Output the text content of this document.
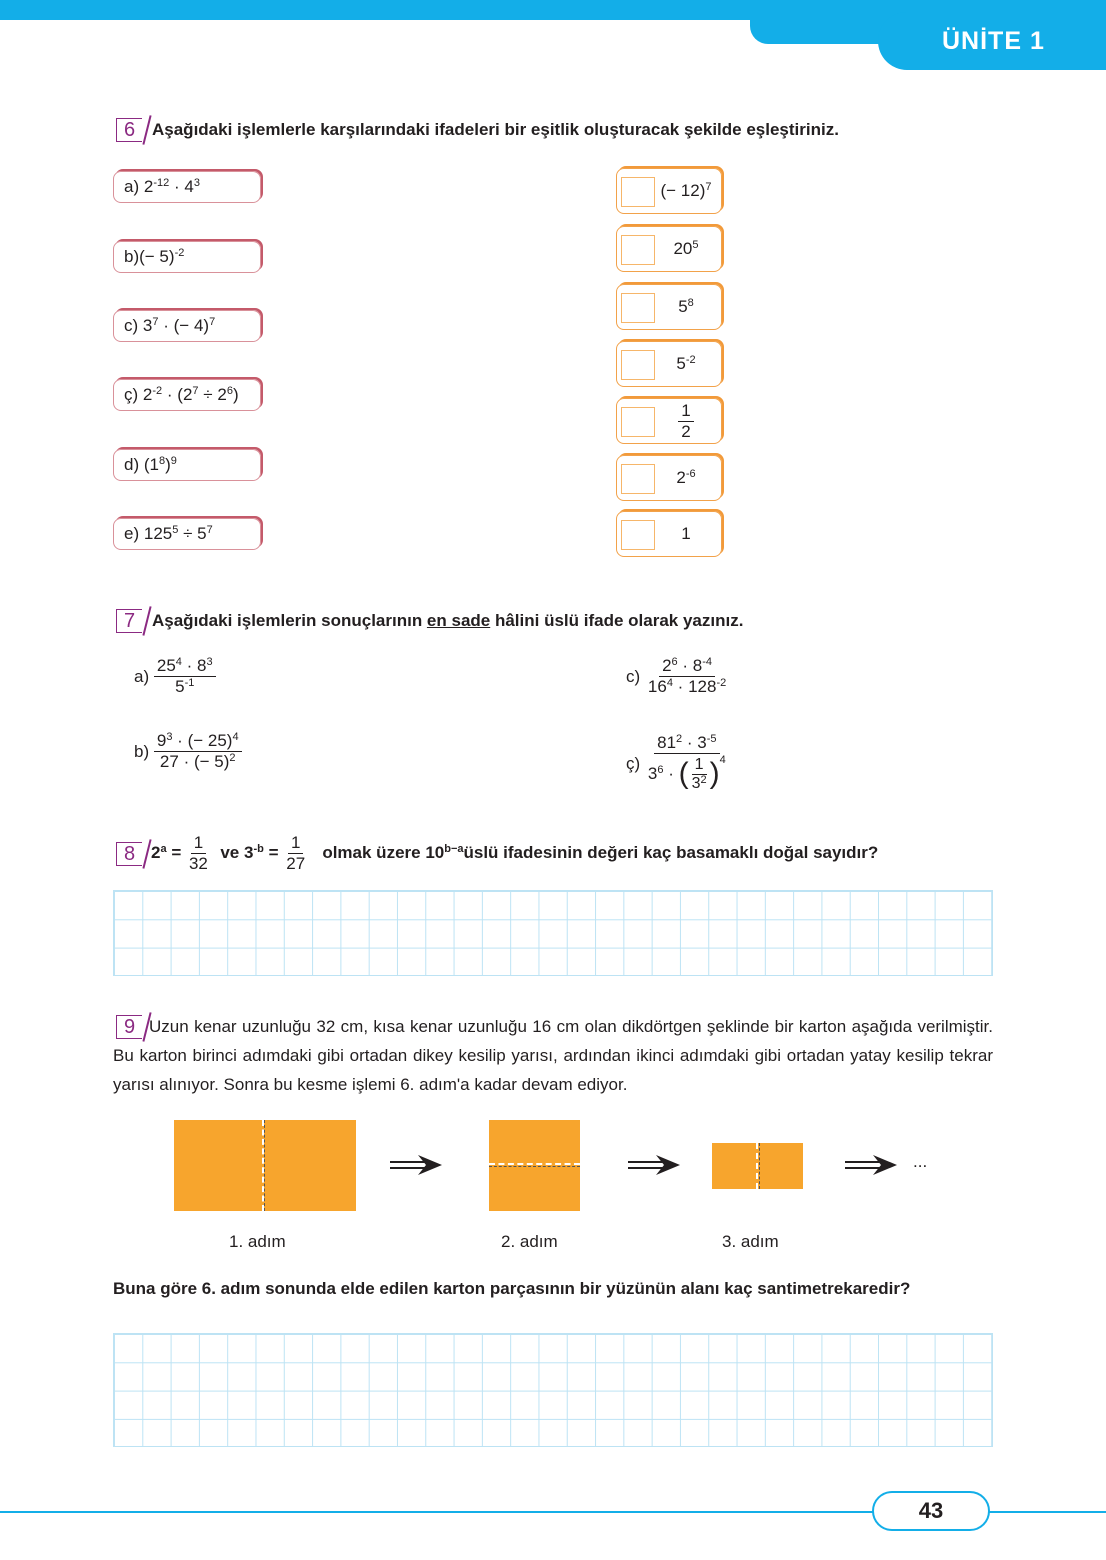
ÜNİTE 1
6 Aşağıdaki işlemlerle karşılarındaki ifadeleri bir eşitlik oluşturacak şekilde eşleştiriniz.
a)
$2^{-12}$
·
$4^3$
b) (− 5)$^{-2}$
c)
$3^7$
·
(− 4)$^7$
ç)
$2^{-2}$
· ( $2^7$
÷
$2^6$ )
d)
($1^8$ )$^9$
e)
$125^5$
÷
$5^7$
(− 12)$^7$
$20^5$
$5^8$
$5^{-2}$
$\frac{1}{2}$
$2^{-6}$
1
7 Aşağıdaki işlemlerin sonuçlarının en sade hâlini üslü ifade olarak yazınız.
a)
$\frac{25^4 \cdot 8^3}{5^{-1}}$
b)
$\frac{9^3 \cdot (- 25)^4}{27 \cdot (- 5)^2}$
c)
$\frac{2^6 \cdot 8^{-4}}{16^4 \cdot 128^{-2}}$
ç)
$\frac{81^2 \cdot 3^{-5}}{3^6 \cdot ( \frac{1}{3^2} )^4}$
8 $2^a = \frac{1}{32}$
ve
$3^{-b} = \frac{1}{27}$
olmak üzere $10^{b-a}$ üslü ifadesinin değeri kaç basamaklı doğal sayıdır?
9 Uzun kenar uzunluğu 32 cm, kısa kenar uzunluğu 16 cm olan dikdörtgen şeklinde bir karton aşağıda verilmiştir. Bu karton birinci adımdaki gibi ortadan dikey kesilip yarısı, ardından ikinci adımdaki gibi ortadan yatay kesilip tekrar yarısı alınıyor. Sonra bu kesme işlemi 6. adım'a kadar devam ediyor.
...
1. adım	2. adım	3. adım
Buna göre 6. adım sonunda elde edilen karton parçasının bir yüzünün alanı kaç santimetrekaredir?
43
